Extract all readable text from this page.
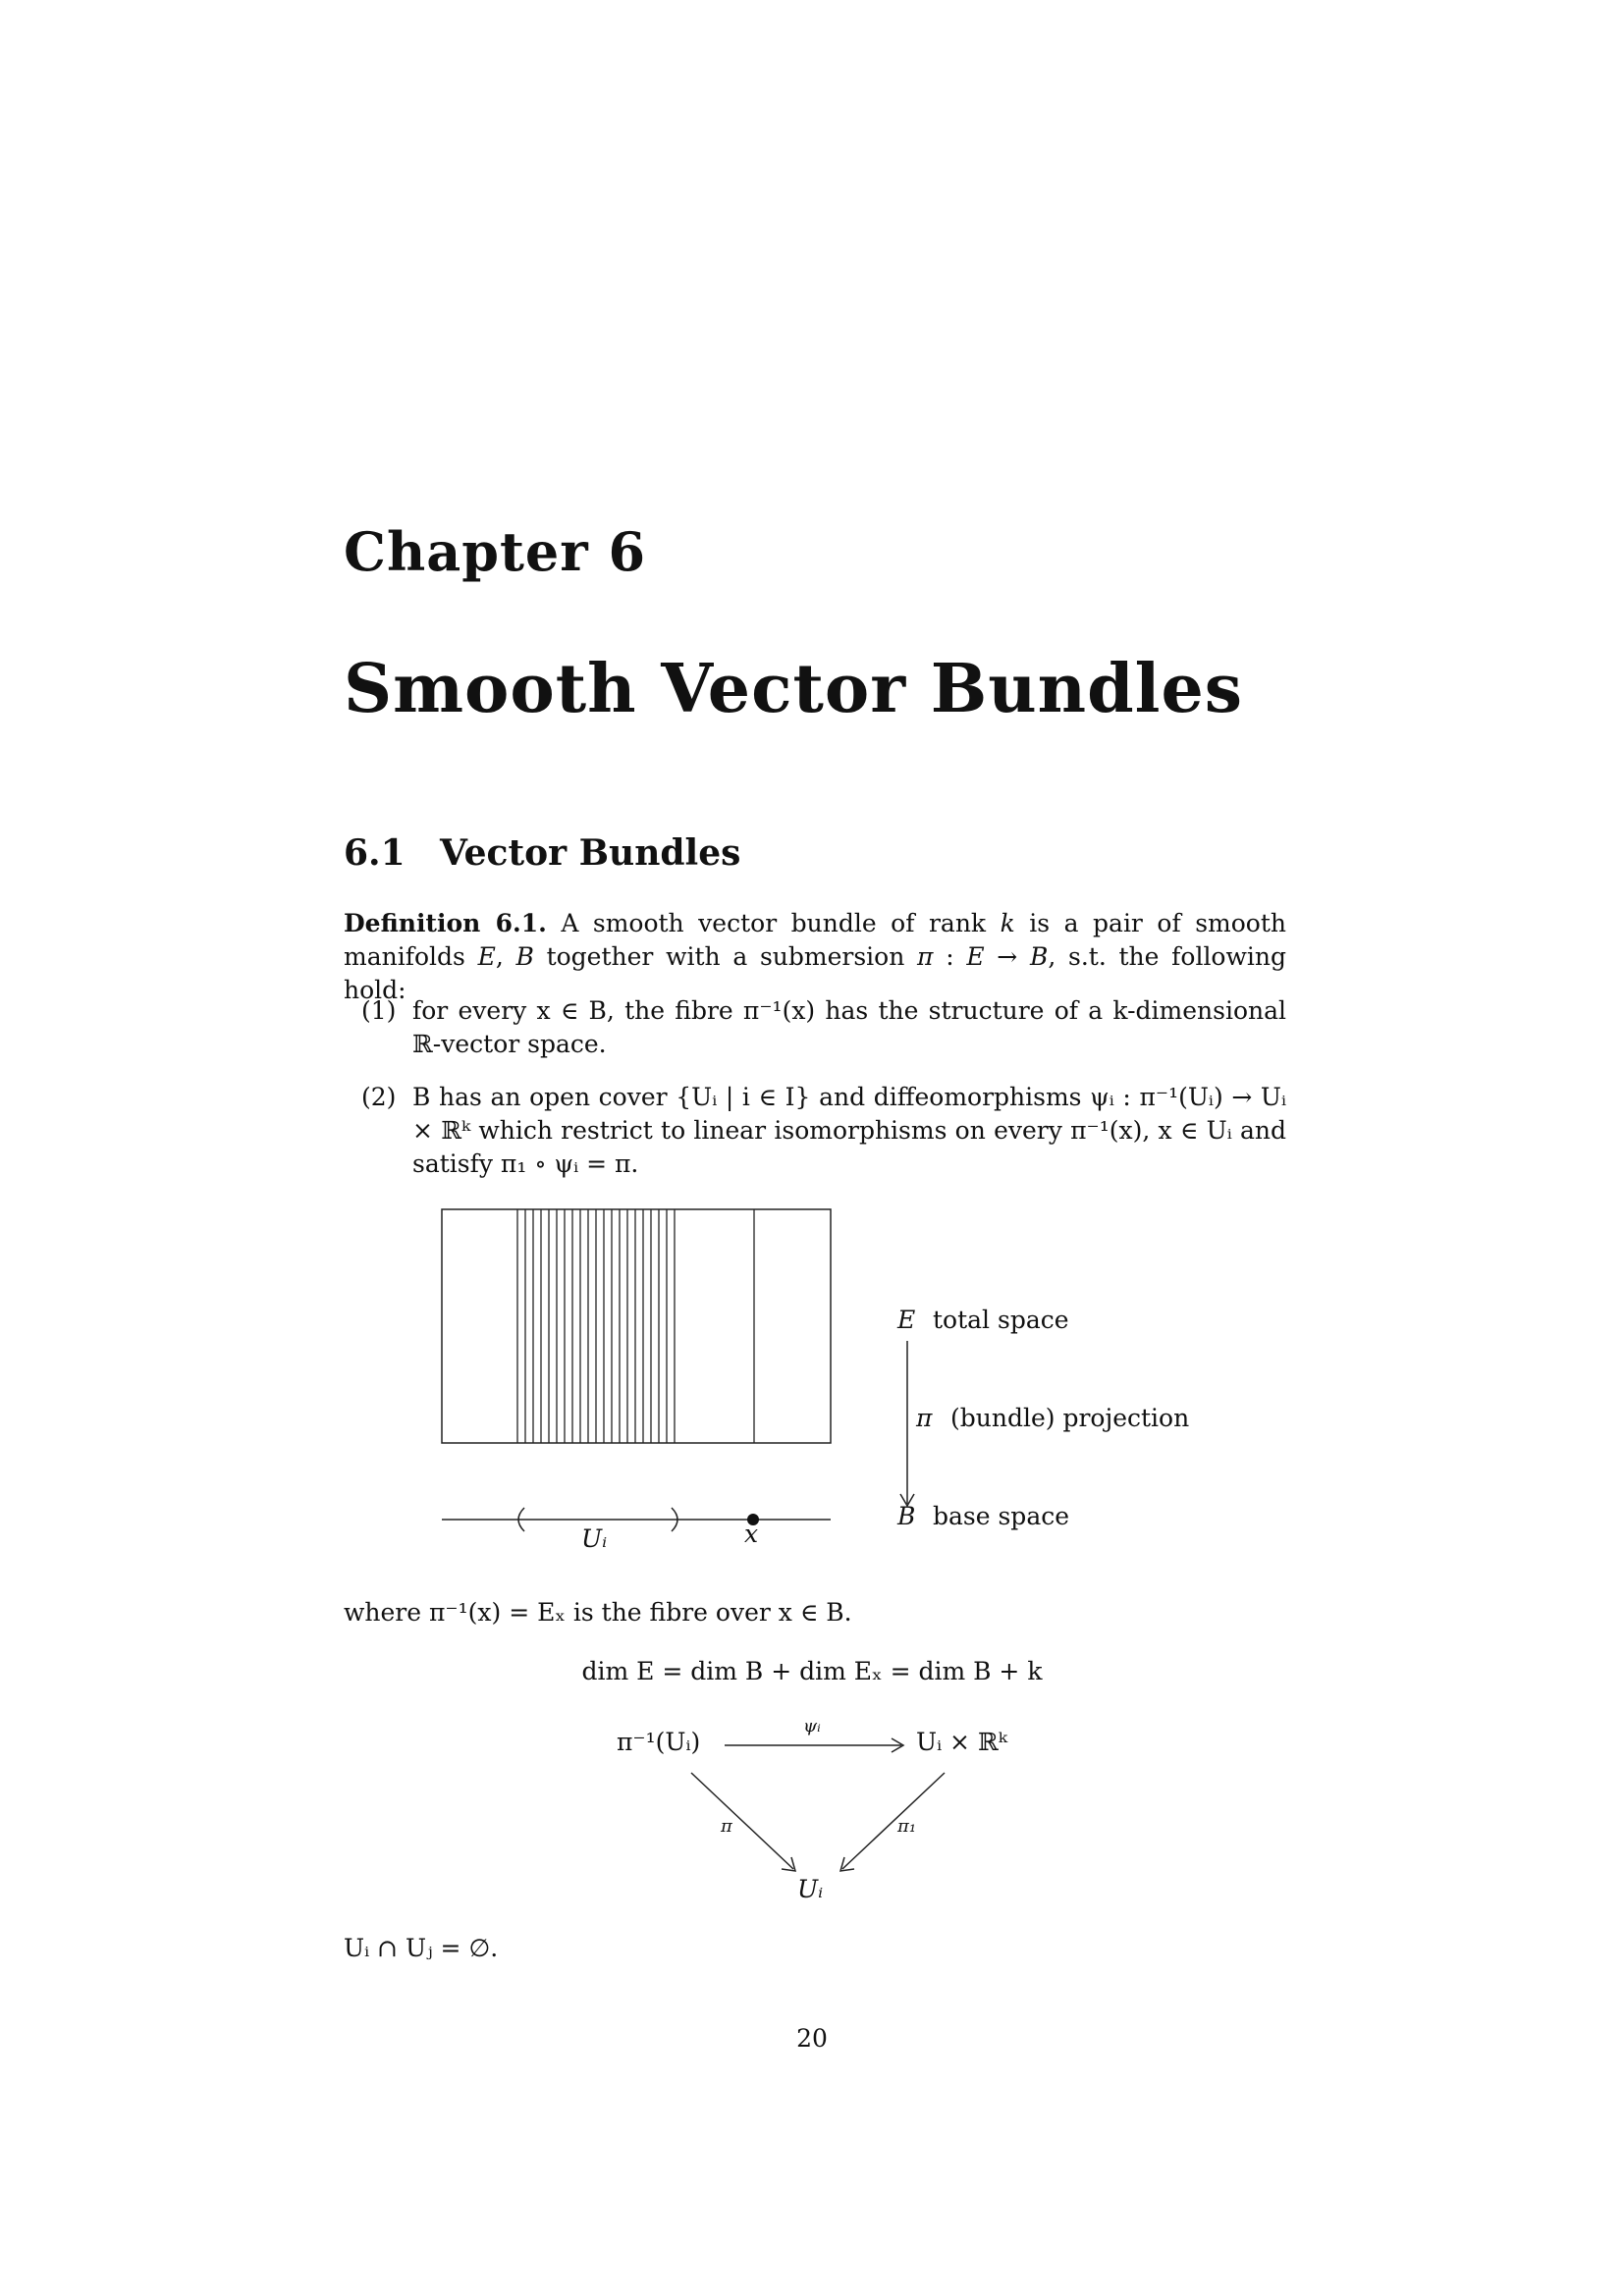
Chapter 6
Smooth Vector Bundles
6.1 Vector Bundles
Definition 6.1. A smooth vector bundle of rank k is a pair of smooth manifolds E, B together with a submersion π : E → B, s.t. the following hold:
(1) for every x ∈ B, the fibre π⁻¹(x) has the structure of a k-dimensional ℝ-vector space.
(2) B has an open cover {Uᵢ | i ∈ I} and diffeomorphisms ψᵢ : π⁻¹(Uᵢ) → Uᵢ × ℝᵏ which restrict to linear isomorphisms on every π⁻¹(x), x ∈ Uᵢ and satisfy π₁ ∘ ψᵢ = π.
E total space
π (bundle) projection
B base space
Uᵢ	x
where π⁻¹(x) = Eₓ is the fibre over x ∈ B.
dim E = dim B + dim Eₓ = dim B + k
π⁻¹(Uᵢ)	Uᵢ × ℝᵏ
Uᵢ
ψᵢ
π	π₁
Uᵢ ∩ Uⱼ = ∅.
20
